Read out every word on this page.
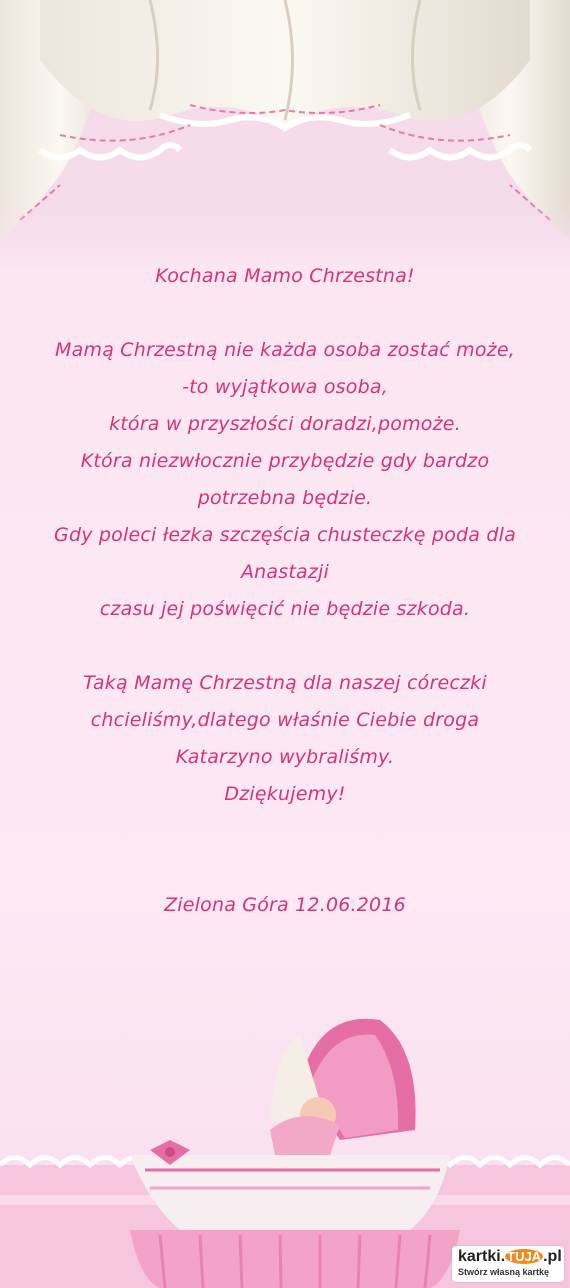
Kochana Mamo Chrzestna!
Mamą Chrzestną nie każda osoba zostać może,
-to wyjątkowa osoba,
która w przyszłości doradzi,pomoże.
Która niezwłocznie przybędzie gdy bardzo
potrzebna będzie.
Gdy poleci łezka szczęścia chusteczkę poda dla
Anastazji
czasu jej poświęcić nie będzie szkoda.
Taką Mamę Chrzestną dla naszej córeczki
chcieliśmy,dlatego właśnie Ciebie droga
Katarzyno wybraliśmy.
Dziękujemy!
Zielona Góra 12.06.2016
kartki. TUJA .pl
Stwórz własną kartkę
